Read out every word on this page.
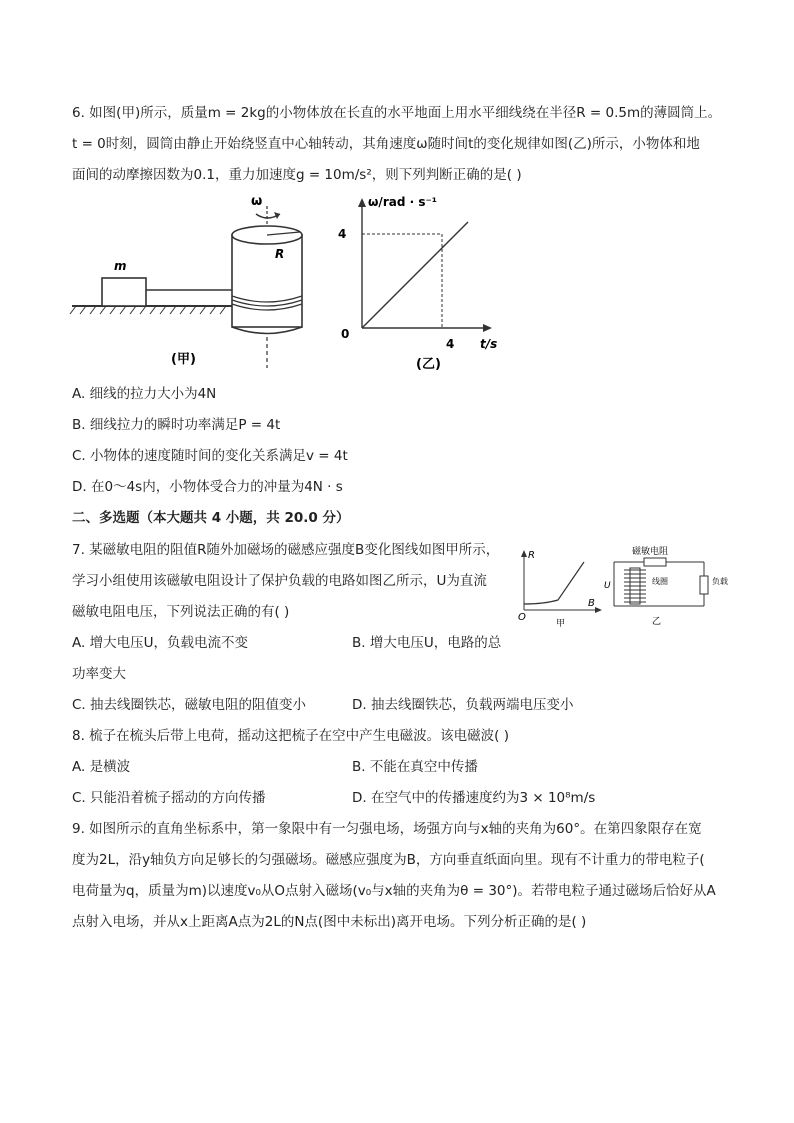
6. 如图(甲)所示，质量m = 2kg的小物体放在长直的水平地面上用水平细线绕在半径R = 0.5m的薄圆筒上。
t = 0时刻，圆筒由静止开始绕竖直中心轴转动，其角速度ω随时间t的变化规律如图(乙)所示，小物体和地
面间的动摩擦因数为0.1，重力加速度g = 10m/s²，则下列判断正确的是( )
m
R
ω
(甲)
ω/rad · s⁻¹
4
0
4 t/s
(乙)
A. 细线的拉力大小为4N
B. 细线拉力的瞬时功率满足P = 4t
C. 小物体的速度随时间的变化关系满足v = 4t
D. 在0～4s内，小物体受合力的冲量为4N · s
二、多选题（本大题共 4 小题，共 20.0 分）
7. 某磁敏电阻的阻值R随外加磁场的磁感应强度B变化图线如图甲所示，
学习小组使用该磁敏电阻设计了保护负载的电路如图乙所示，U为直流
磁敏电阻电压，下列说法正确的有( )
R
B
O
甲
磁敏电阻
U	线圈	负载
乙
A. 增大电压U，负载电流不变	B. 增大电压U，电路的总
功率变大
C. 抽去线圈铁芯，磁敏电阻的阻值变小	D. 抽去线圈铁芯，负载两端电压变小
8. 梳子在梳头后带上电荷，摇动这把梳子在空中产生电磁波。该电磁波( )
A. 是横波	B. 不能在真空中传播
C. 只能沿着梳子摇动的方向传播	D. 在空气中的传播速度约为3 × 10⁸m/s
9. 如图所示的直角坐标系中，第一象限中有一匀强电场，场强方向与x轴的夹角为60°。在第四象限存在宽
度为2L，沿y轴负方向足够长的匀强磁场。磁感应强度为B，方向垂直纸面向里。现有不计重力的带电粒子(
电荷量为q，质量为m)以速度v₀从O点射入磁场(v₀与x轴的夹角为θ = 30°)。若带电粒子通过磁场后恰好从A
点射入电场，并从x上距离A点为2L的N点(图中未标出)离开电场。下列分析正确的是( )
